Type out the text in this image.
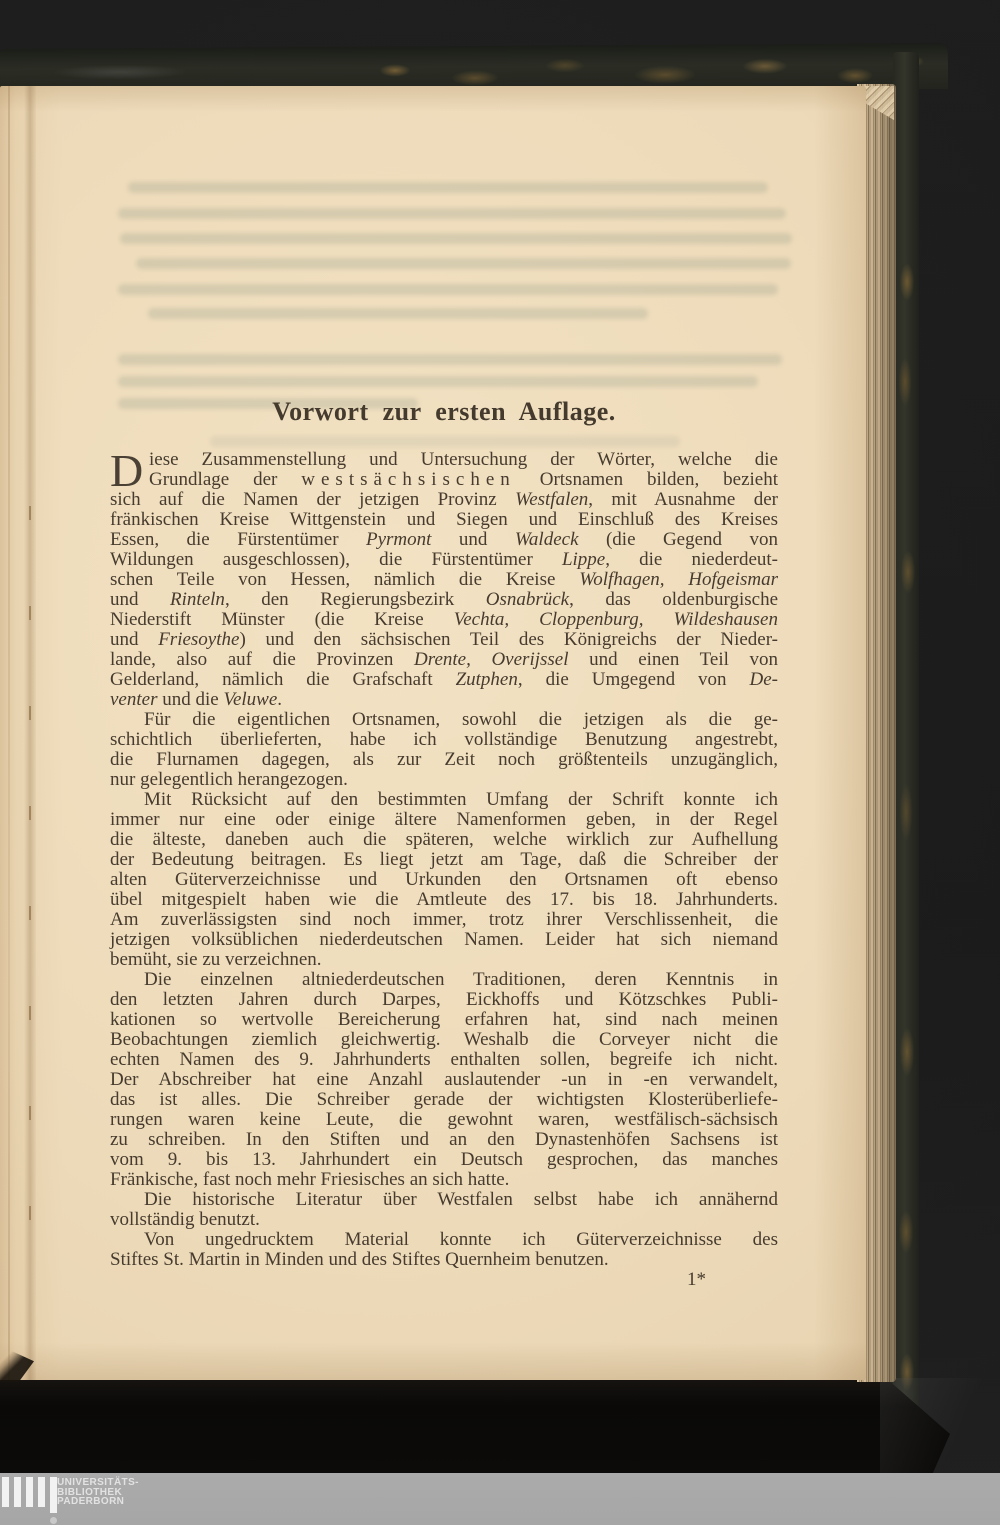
Vorwort zur ersten Auflage.
D iese Zusammenstellung und Untersuchung der Wörter, welche die
Grundlage der westsächsischen Ortsnamen bilden, bezieht
sich auf die Namen der jetzigen Provinz Westfalen, mit Ausnahme der
fränkischen Kreise Wittgenstein und Siegen und Einschluß des Kreises
Essen, die Fürstentümer Pyrmont und Waldeck (die Gegend von
Wildungen ausgeschlossen), die Fürstentümer Lippe, die niederdeut-
schen Teile von Hessen, nämlich die Kreise Wolfhagen, Hofgeismar
und Rinteln, den Regierungsbezirk Osnabrück, das oldenburgische
Niederstift Münster (die Kreise Vechta, Cloppenburg, Wildeshausen
und Friesoythe) und den sächsischen Teil des Königreichs der Nieder-
lande, also auf die Provinzen Drente, Overijssel und einen Teil von
Gelderland, nämlich die Grafschaft Zutphen, die Umgegend von De-
venter und die Veluwe.
Für die eigentlichen Ortsnamen, sowohl die jetzigen als die ge-
schichtlich überlieferten, habe ich vollständige Benutzung angestrebt,
die Flurnamen dagegen, als zur Zeit noch größtenteils unzugänglich,
nur gelegentlich herangezogen.
Mit Rücksicht auf den bestimmten Umfang der Schrift konnte ich
immer nur eine oder einige ältere Namenformen geben, in der Regel
die älteste, daneben auch die späteren, welche wirklich zur Aufhellung
der Bedeutung beitragen. Es liegt jetzt am Tage, daß die Schreiber der
alten Güterverzeichnisse und Urkunden den Ortsnamen oft ebenso
übel mitgespielt haben wie die Amtleute des 17. bis 18. Jahrhunderts.
Am zuverlässigsten sind noch immer, trotz ihrer Verschlissenheit, die
jetzigen volksüblichen niederdeutschen Namen. Leider hat sich niemand
bemüht, sie zu verzeichnen.
Die einzelnen altniederdeutschen Traditionen, deren Kenntnis in
den letzten Jahren durch Darpes, Eickhoffs und Kötzschkes Publi-
kationen so wertvolle Bereicherung erfahren hat, sind nach meinen
Beobachtungen ziemlich gleichwertig. Weshalb die Corveyer nicht die
echten Namen des 9. Jahrhunderts enthalten sollen, begreife ich nicht.
Der Abschreiber hat eine Anzahl auslautender -un in -en verwandelt,
das ist alles. Die Schreiber gerade der wichtigsten Klosterüberliefe-
rungen waren keine Leute, die gewohnt waren, westfälisch-sächsisch
zu schreiben. In den Stiften und an den Dynastenhöfen Sachsens ist
vom 9. bis 13. Jahrhundert ein Deutsch gesprochen, das manches
Fränkische, fast noch mehr Friesisches an sich hatte.
Die historische Literatur über Westfalen selbst habe ich annähernd
vollständig benutzt.
Von ungedrucktem Material konnte ich Güterverzeichnisse des
Stiftes St. Martin in Minden und des Stiftes Quernheim benutzen.
1*
UNIVERSITÄTS-
BIBLIOTHEK
PADERBORN
